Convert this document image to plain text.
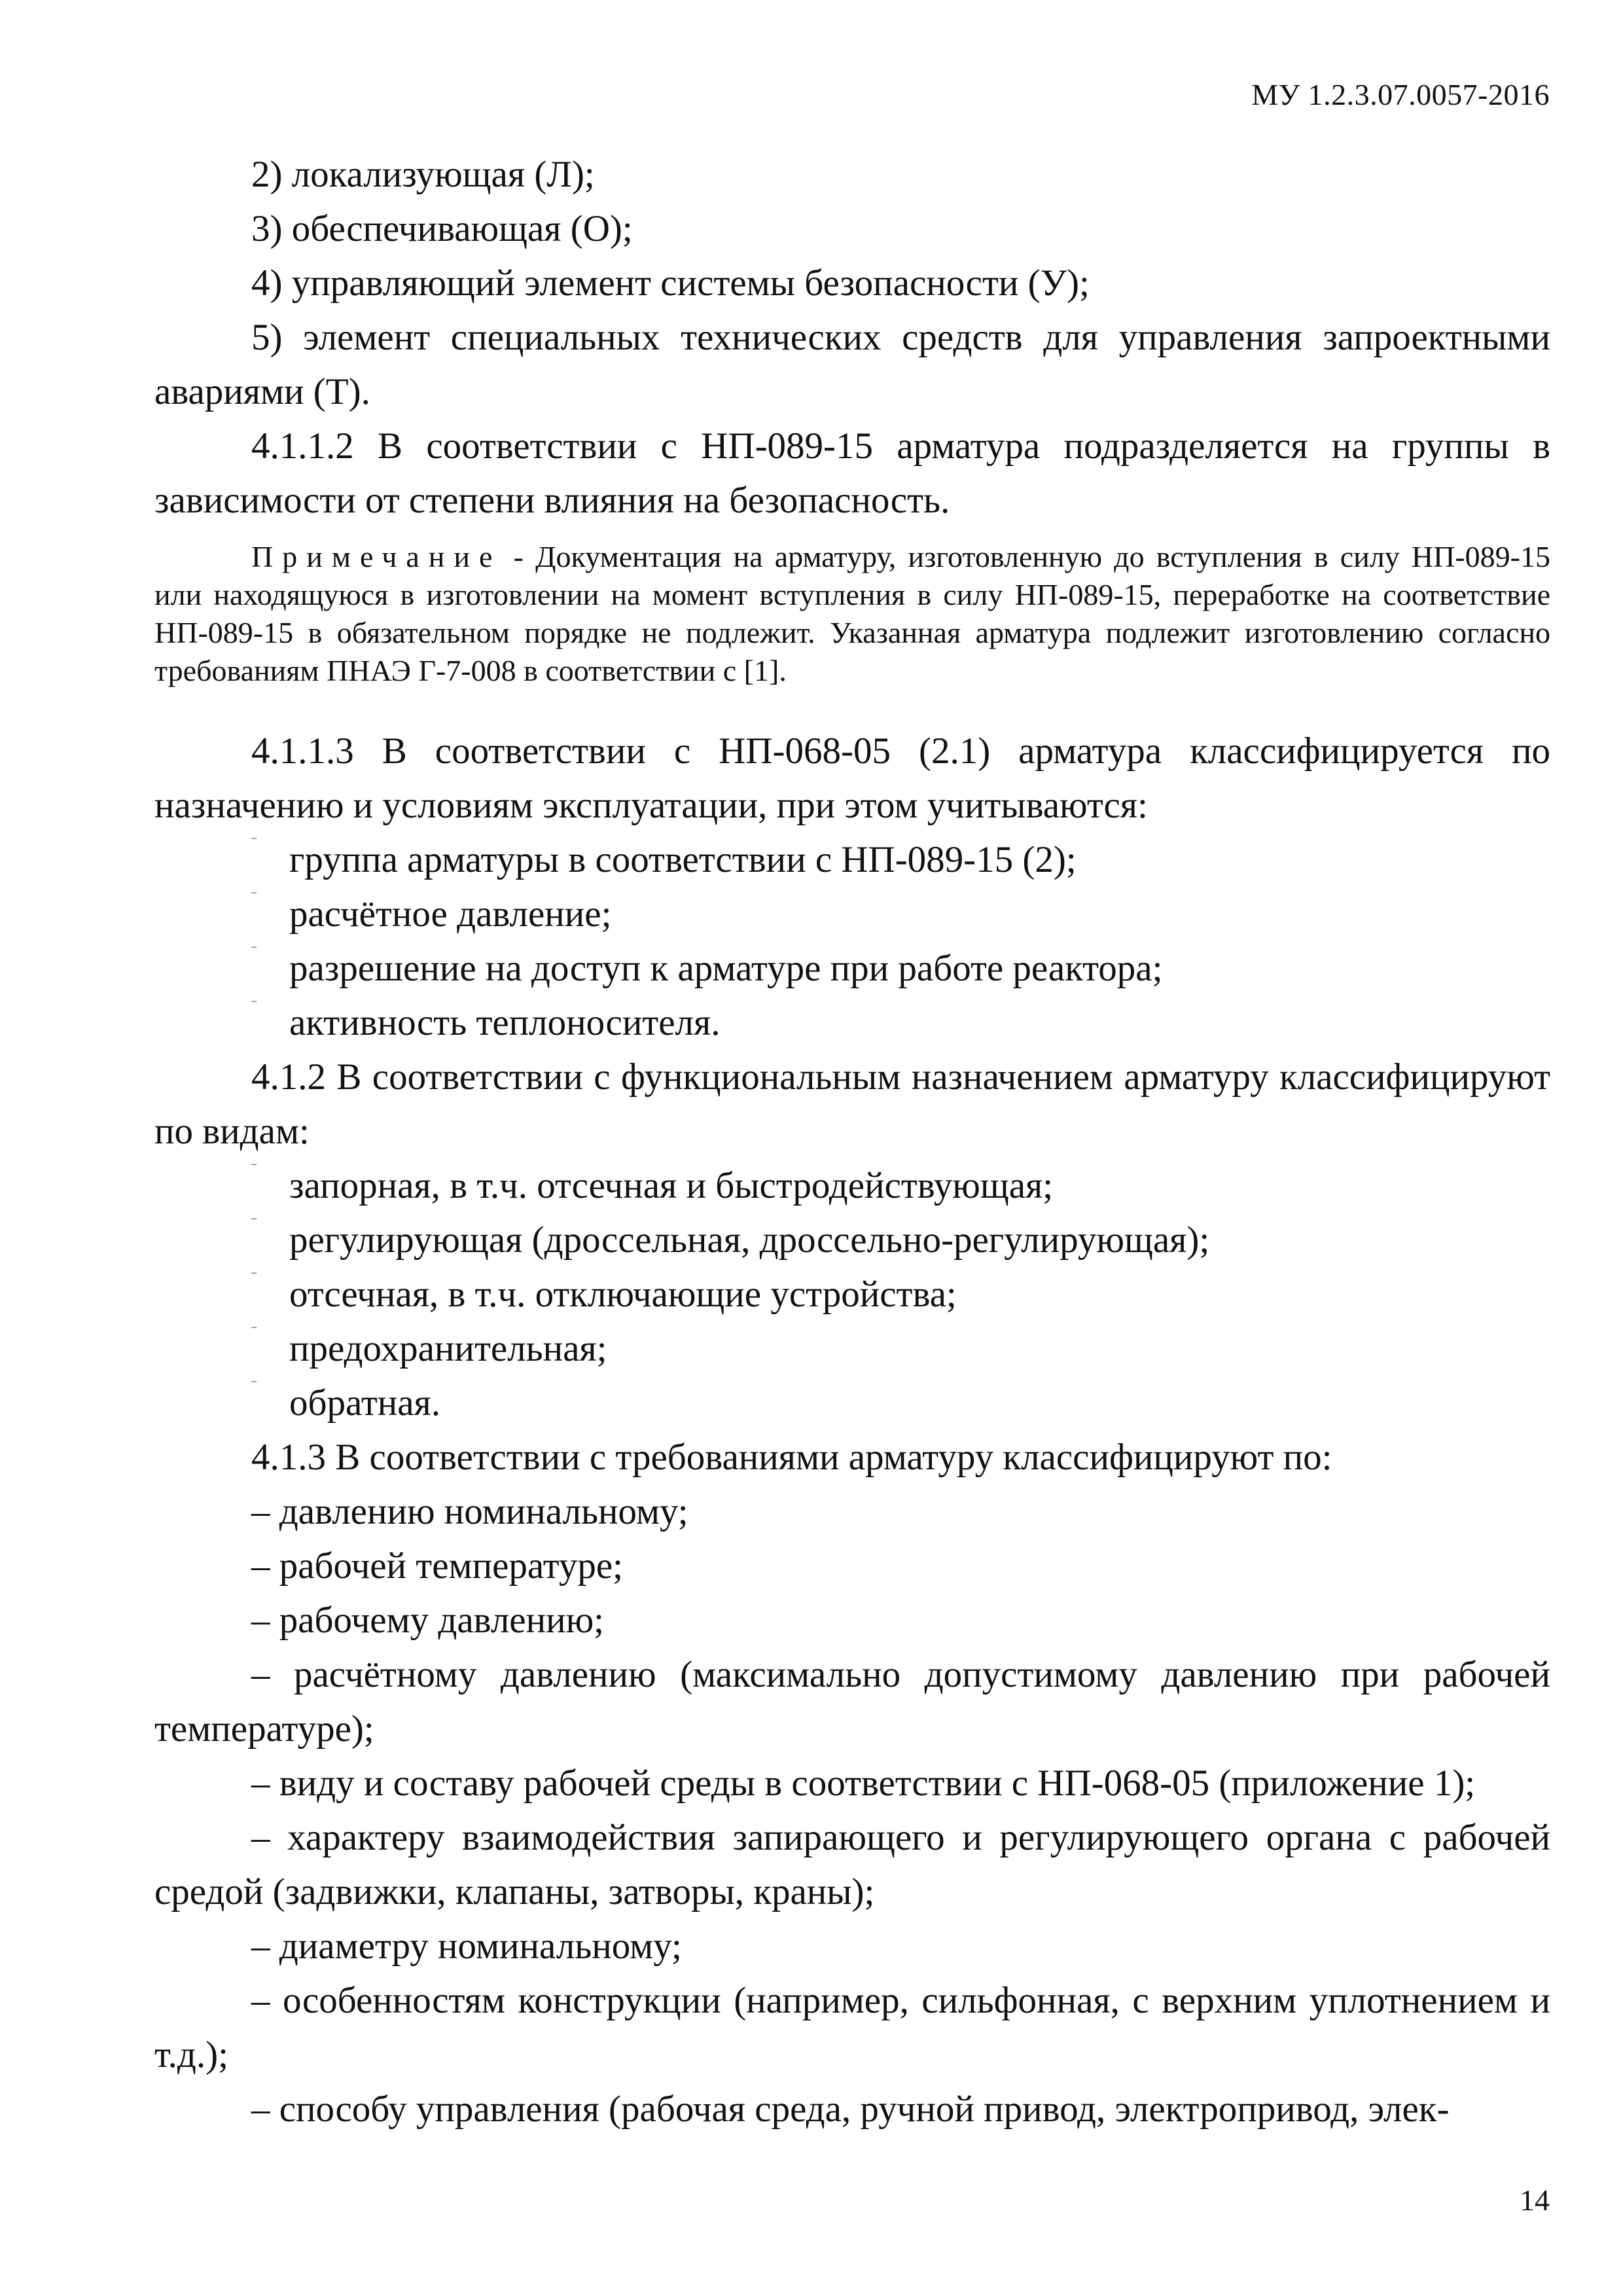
МУ 1.2.3.07.0057-2016

2) локализующая (Л);

3) обеспечивающая (О);

4) управляющий элемент системы безопасности (У);

5) элемент специальных технических средств для управления запроектными авариями (Т).

4.1.1.2 В соответствии с НП-089-15 арматура подразделяется на группы в зависимости от степени влияния на безопасность.

Примечание - Документация на арматуру, изготовленную до вступления в силу НП-089-15 или находящуюся в изготовлении на момент вступления в силу НП-089-15, переработке на соответствие НП-089-15 в обязательном порядке не подлежит. Указанная арматура подлежит изготовлению согласно требованиям ПНАЭ Г-7-008 в соответствии с [1].

4.1.1.3 В соответствии с НП-068-05 (2.1) арматура классифицируется по назначению и условиям эксплуатации, при этом учитываются:

–
группа арматуры в соответствии с НП-089-15 (2);
–
расчётное давление;
–
разрешение на доступ к арматуре при работе реактора;
–
активность теплоносителя.

4.1.2 В соответствии с функциональным назначением арматуру классифицируют по видам:

–
запорная, в т.ч. отсечная и быстродействующая;
–
регулирующая (дроссельная, дроссельно-регулирующая);
–
отсечная, в т.ч. отключающие устройства;
–
предохранительная;
–
обратная.

4.1.3 В соответствии с требованиями арматуру классифицируют по:

– давлению номинальному;

– рабочей температуре;

– рабочему давлению;

– расчётному давлению (максимально допустимому давлению при рабочей температуре);

– виду и составу рабочей среды в соответствии с НП-068-05 (приложение 1);

– характеру взаимодействия запирающего и регулирующего органа с рабочей средой (задвижки, клапаны, затворы, краны);

– диаметру номинальному;

– особенностям конструкции (например, сильфонная, с верхним уплотнением и т.д.);

– способу управления (рабочая среда, ручной привод, электропривод, элек-

14
